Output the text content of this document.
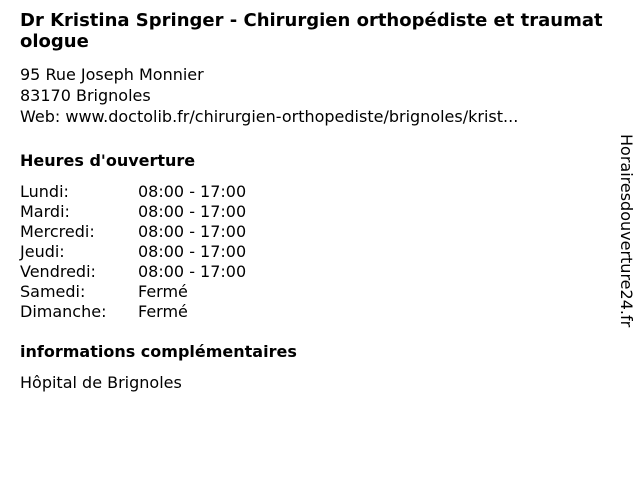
Dr Kristina Springer - Chirurgien orthopédiste et traumatologue
95 Rue Joseph Monnier
83170 Brignoles
Web: www.doctolib.fr/chirurgien-orthopediste/brignoles/krist...
Heures d'ouverture
Lundi:	08:00 - 17:00
Mardi:	08:00 - 17:00
Mercredi:	08:00 - 17:00
Jeudi:	08:00 - 17:00
Vendredi:	08:00 - 17:00
Samedi:	Fermé
Dimanche:	Fermé
informations complémentaires
Hôpital de Brignoles
Horairesdouverture24.fr
